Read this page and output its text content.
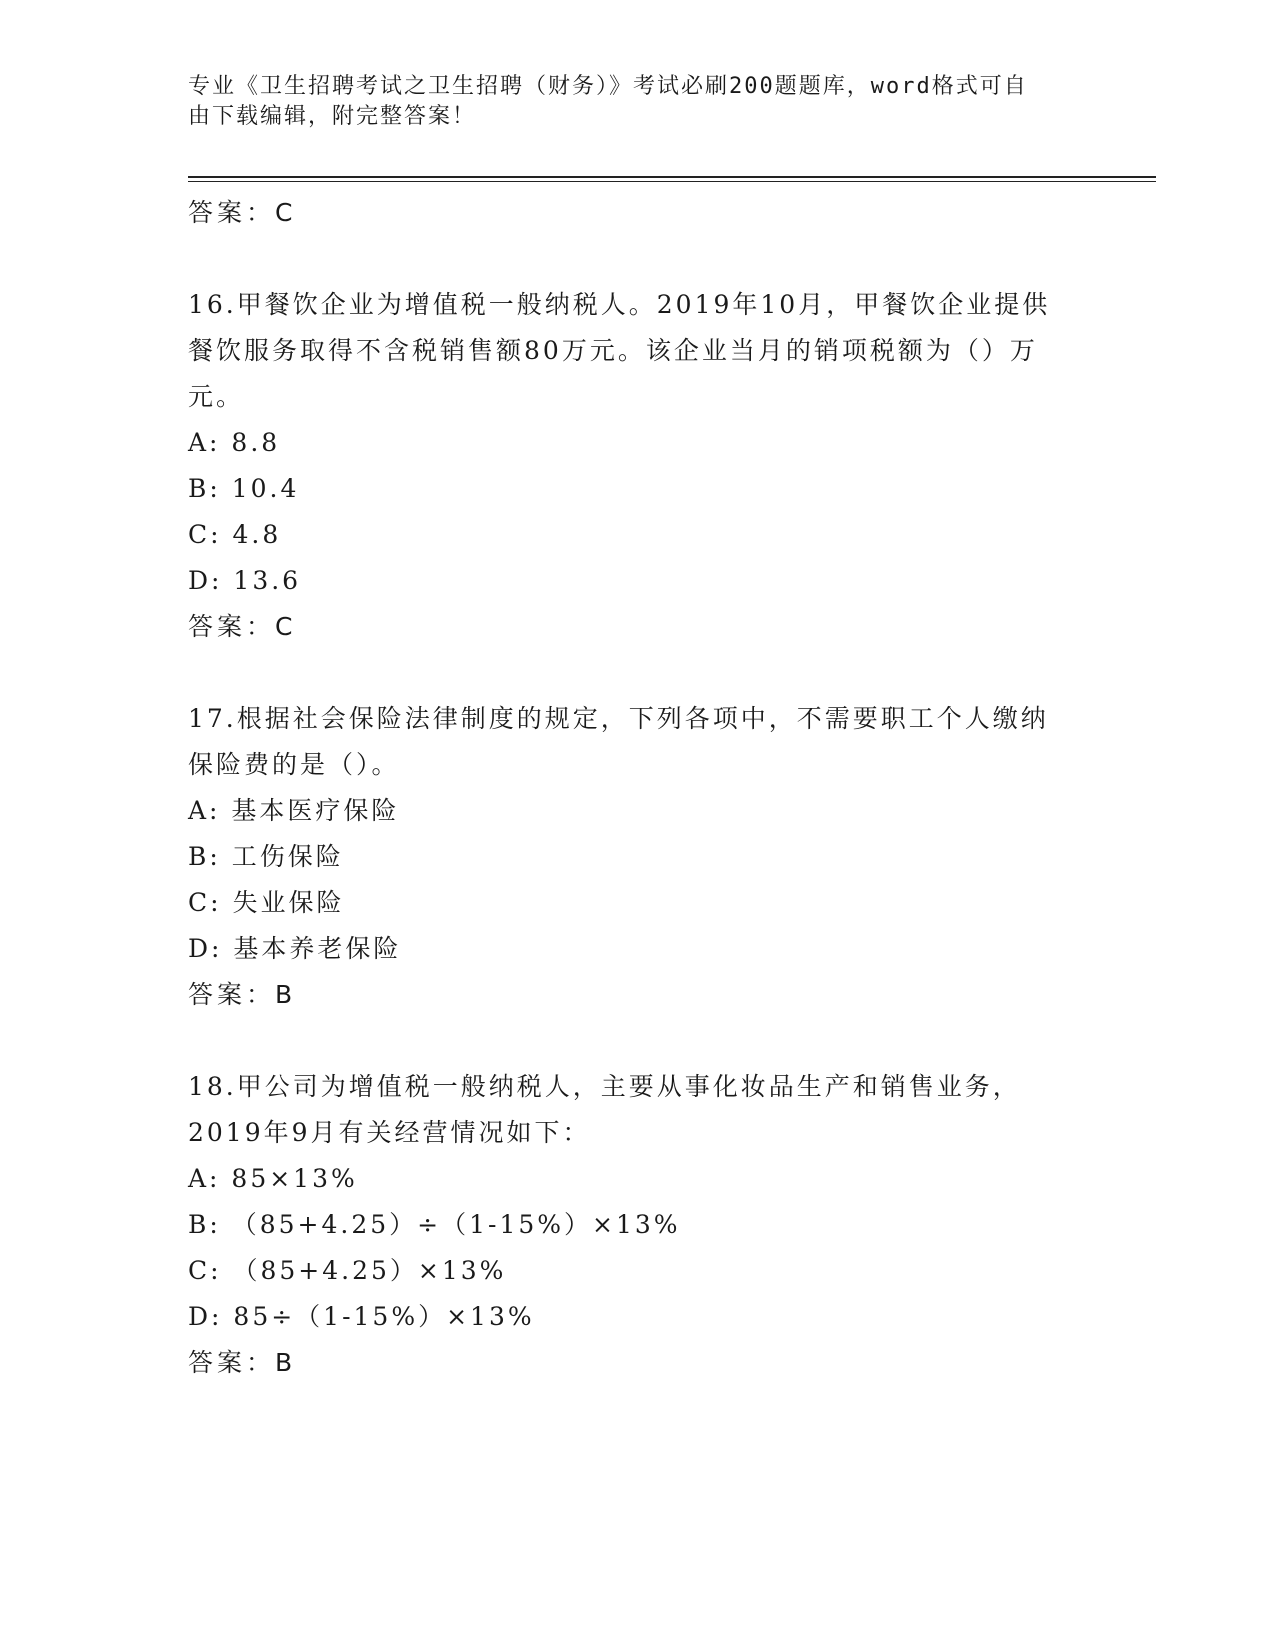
专业《卫生招聘考试之卫生招聘（财务）》考试必刷200题题库，word格式可自
由下载编辑，附完整答案！
答案：C
16.甲餐饮企业为增值税一般纳税人。2019年10月，甲餐饮企业提供
餐饮服务取得不含税销售额80万元。该企业当月的销项税额为（）万
元。
A: 8.8
B: 10.4
C: 4.8
D: 13.6
答案：C
17.根据社会保险法律制度的规定，下列各项中，不需要职工个人缴纳
保险费的是（）。
A: 基本医疗保险
B: 工伤保险
C: 失业保险
D: 基本养老保险
答案：B
18.甲公司为增值税一般纳税人，主要从事化妆品生产和销售业务，
2019年9月有关经营情况如下：
A: 85×13%
B: （85+4.25）÷（1-15%）×13%
C: （85+4.25）×13%
D: 85÷（1-15%）×13%
答案：B
